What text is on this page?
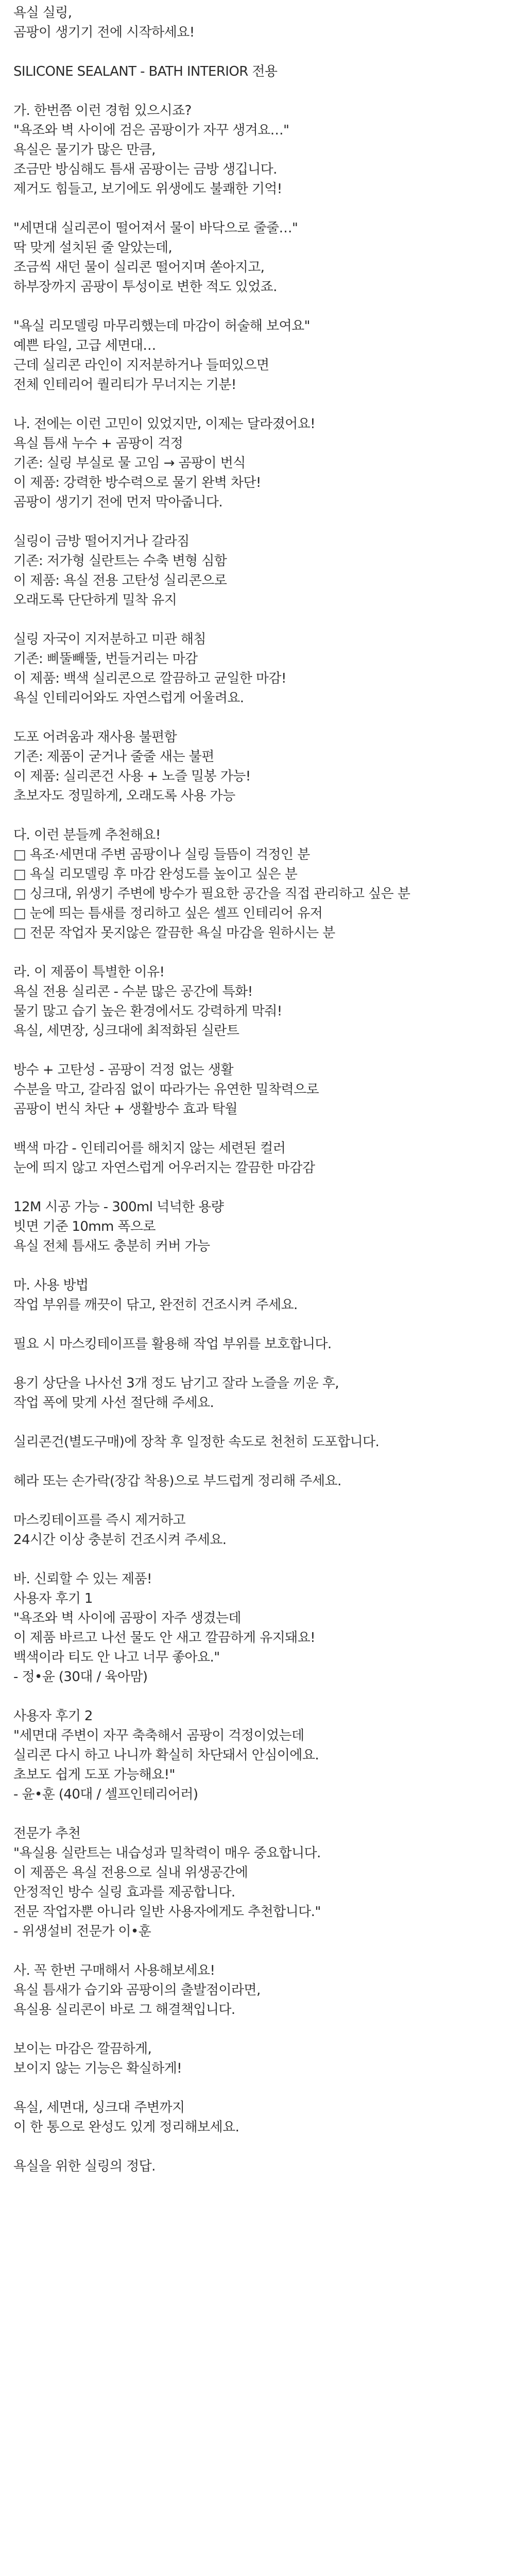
욕실 실링,
곰팡이 생기기 전에 시작하세요!
SILICONE SEALANT - BATH INTERIOR 전용
가. 한번쯤 이런 경험 있으시죠?
"욕조와 벽 사이에 검은 곰팡이가 자꾸 생겨요…"
욕실은 물기가 많은 만큼,
조금만 방심해도 틈새 곰팡이는 금방 생깁니다.
제거도 힘들고, 보기에도 위생에도 불쾌한 기억!
"세면대 실리콘이 떨어져서 물이 바닥으로 줄줄…"
딱 맞게 설치된 줄 알았는데,
조금씩 새던 물이 실리콘 떨어지며 쏟아지고,
하부장까지 곰팡이 투성이로 변한 적도 있었죠.
"욕실 리모델링 마무리했는데 마감이 허술해 보여요"
예쁜 타일, 고급 세면대…
근데 실리콘 라인이 지저분하거나 들떠있으면
전체 인테리어 퀄리티가 무너지는 기분!
나. 전에는 이런 고민이 있었지만, 이제는 달라졌어요!
욕실 틈새 누수 + 곰팡이 걱정
기존: 실링 부실로 물 고임 → 곰팡이 번식
이 제품: 강력한 방수력으로 물기 완벽 차단!
곰팡이 생기기 전에 먼저 막아줍니다.
실링이 금방 떨어지거나 갈라짐
기존: 저가형 실란트는 수축 변형 심함
이 제품: 욕실 전용 고탄성 실리콘으로
오래도록 단단하게 밀착 유지
실링 자국이 지저분하고 미관 해침
기존: 삐뚤빼뚤, 번들거리는 마감
이 제품: 백색 실리콘으로 깔끔하고 균일한 마감!
욕실 인테리어와도 자연스럽게 어울려요.
도포 어려움과 재사용 불편함
기존: 제품이 굳거나 줄줄 새는 불편
이 제품: 실리콘건 사용 + 노즐 밀봉 가능!
초보자도 정밀하게, 오래도록 사용 가능
다. 이런 분들께 추천해요!
□ 욕조·세면대 주변 곰팡이나 실링 들뜸이 걱정인 분
□ 욕실 리모델링 후 마감 완성도를 높이고 싶은 분
□ 싱크대, 위생기 주변에 방수가 필요한 공간을 직접 관리하고 싶은 분
□ 눈에 띄는 틈새를 정리하고 싶은 셀프 인테리어 유저
□ 전문 작업자 못지않은 깔끔한 욕실 마감을 원하시는 분
라. 이 제품이 특별한 이유!
욕실 전용 실리콘 - 수분 많은 공간에 특화!
물기 많고 습기 높은 환경에서도 강력하게 막줘!
욕실, 세면장, 싱크대에 최적화된 실란트
방수 + 고탄성 - 곰팡이 걱정 없는 생활
수분을 막고, 갈라짐 없이 따라가는 유연한 밀착력으로
곰팡이 번식 차단 + 생활방수 효과 탁월
백색 마감 - 인테리어를 해치지 않는 세련된 컬러
눈에 띄지 않고 자연스럽게 어우러지는 깔끔한 마감감
12M 시공 가능 - 300ml 넉넉한 용량
빗면 기준 10mm 폭으로
욕실 전체 틈새도 충분히 커버 가능
마. 사용 방법
작업 부위를 깨끗이 닦고, 완전히 건조시켜 주세요.
필요 시 마스킹테이프를 활용해 작업 부위를 보호합니다.
용기 상단을 나사선 3개 정도 남기고 잘라 노즐을 끼운 후,
작업 폭에 맞게 사선 절단해 주세요.
실리콘건(별도구매)에 장착 후 일정한 속도로 천천히 도포합니다.
헤라 또는 손가락(장갑 착용)으로 부드럽게 정리해 주세요.
마스킹테이프를 즉시 제거하고
24시간 이상 충분히 건조시켜 주세요.
바. 신뢰할 수 있는 제품!
사용자 후기 1
"욕조와 벽 사이에 곰팡이 자주 생겼는데
이 제품 바르고 나선 물도 안 새고 깔끔하게 유지돼요!
백색이라 티도 안 나고 너무 좋아요."
- 정•윤 (30대 / 육아맘)
사용자 후기 2
"세면대 주변이 자꾸 축축해서 곰팡이 걱정이었는데
실리콘 다시 하고 나니까 확실히 차단돼서 안심이에요.
초보도 쉽게 도포 가능해요!"
- 윤•훈 (40대 / 셀프인테리어러)
전문가 추천
"욕실용 실란트는 내습성과 밀착력이 매우 중요합니다.
이 제품은 욕실 전용으로 실내 위생공간에
안정적인 방수 실링 효과를 제공합니다.
전문 작업자뿐 아니라 일반 사용자에게도 추천합니다."
- 위생설비 전문가 이•훈
사. 꼭 한번 구매해서 사용해보세요!
욕실 틈새가 습기와 곰팡이의 출발점이라면,
욕실용 실리콘이 바로 그 해결책입니다.
보이는 마감은 깔끔하게,
보이지 않는 기능은 확실하게!
욕실, 세면대, 싱크대 주변까지
이 한 통으로 완성도 있게 정리해보세요.
욕실을 위한 실링의 정답.
